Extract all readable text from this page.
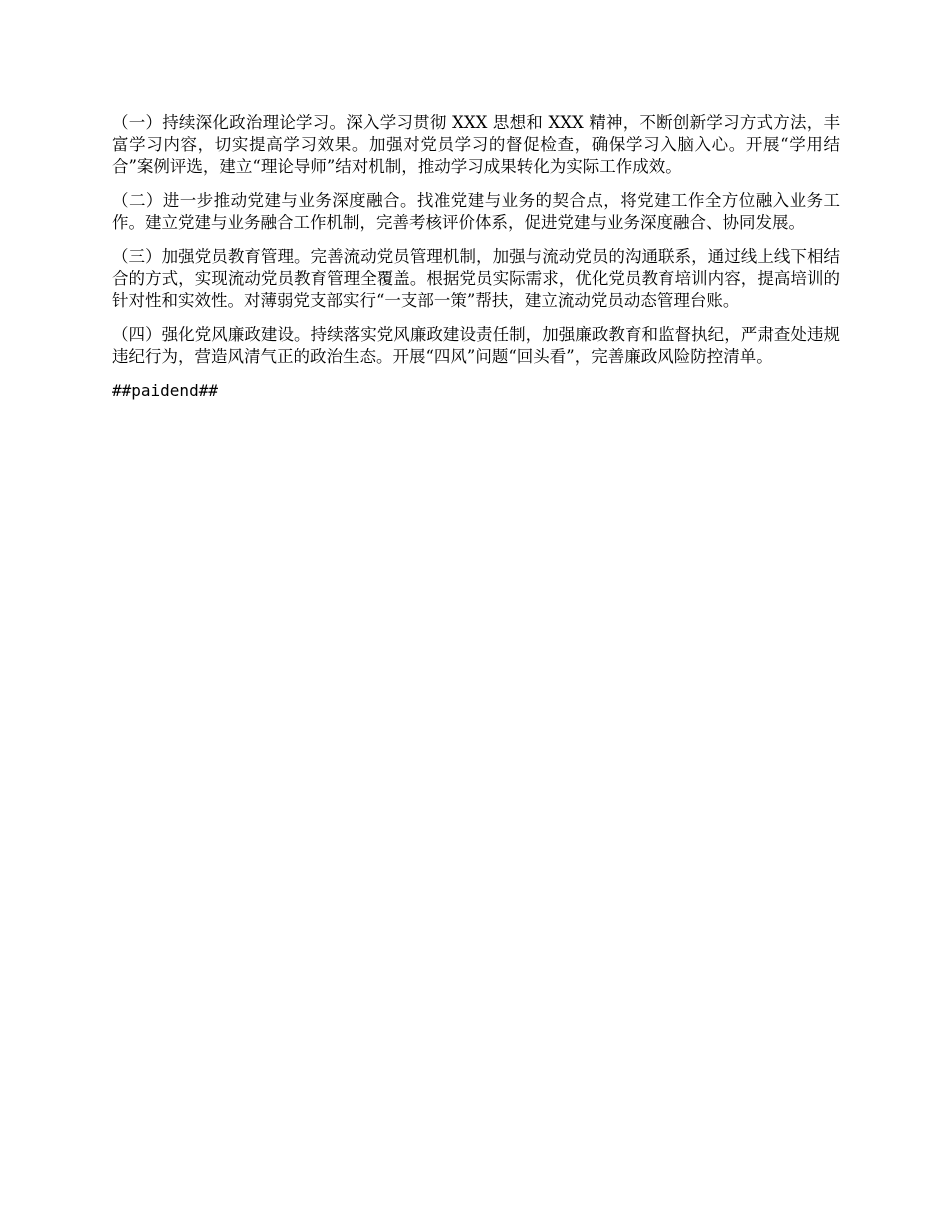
（一）持续深化政治理论学习。深入学习贯彻 XXX 思想和 XXX 精神，不断创新学习方式方法，丰富学习内容，切实提高学习效果。加强对党员学习的督促检查，确保学习入脑入心。开展“学用结合”案例评选，建立“理论导师”结对机制，推动学习成果转化为实际工作成效。

（二）进一步推动党建与业务深度融合。找准党建与业务的契合点，将党建工作全方位融入业务工作。建立党建与业务融合工作机制，完善考核评价体系，促进党建与业务深度融合、协同发展。

（三）加强党员教育管理。完善流动党员管理机制，加强与流动党员的沟通联系，通过线上线下相结合的方式，实现流动党员教育管理全覆盖。根据党员实际需求，优化党员教育培训内容，提高培训的针对性和实效性。对薄弱党支部实行“一支部一策”帮扶，建立流动党员动态管理台账。

（四）强化党风廉政建设。持续落实党风廉政建设责任制，加强廉政教育和监督执纪，严肃查处违规违纪行为，营造风清气正的政治生态。开展“四风”问题“回头看”，完善廉政风险防控清单。

##paidend##
